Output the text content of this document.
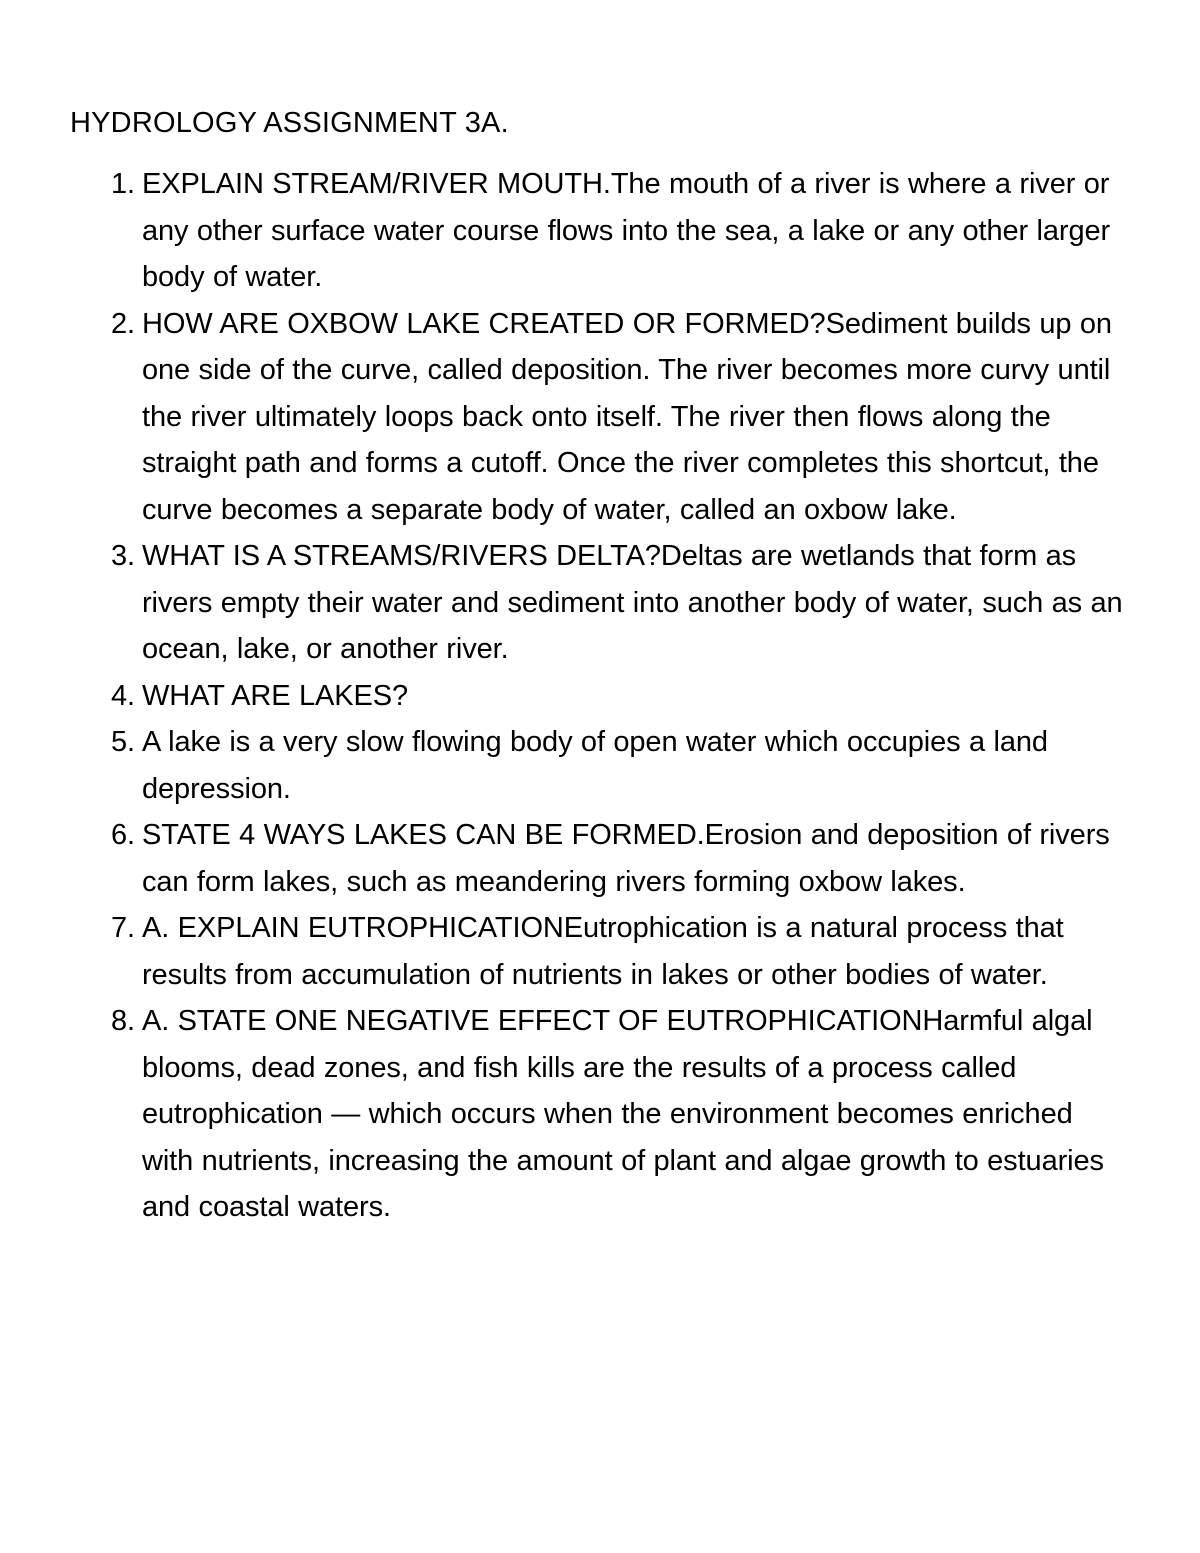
HYDROLOGY ASSIGNMENT 3A.
1. EXPLAIN STREAM/RIVER MOUTH.The mouth of a river is where a river or any other surface water course flows into the sea, a lake or any other larger body of water.
2. HOW ARE OXBOW LAKE CREATED OR FORMED?Sediment builds up on one side of the curve, called deposition. The river becomes more curvy until the river ultimately loops back onto itself. The river then flows along the straight path and forms a cutoff. Once the river completes this shortcut, the curve becomes a separate body of water, called an oxbow lake.
3. WHAT IS A STREAMS/RIVERS DELTA?Deltas are wetlands that form as rivers empty their water and sediment into another body of water, such as an ocean, lake, or another river.
4. WHAT ARE LAKES?
5. A lake is a very slow flowing body of open water which occupies a land depression.
6. STATE 4 WAYS LAKES CAN BE FORMED.Erosion and deposition of rivers can form lakes, such as meandering rivers forming oxbow lakes.
7. A. EXPLAIN EUTROPHICATIONEutrophication is a natural process that results from accumulation of nutrients in lakes or other bodies of water.
8. A. STATE ONE NEGATIVE EFFECT OF EUTROPHICATIONHarmful algal blooms, dead zones, and fish kills are the results of a process called eutrophication — which occurs when the environment becomes enriched with nutrients, increasing the amount of plant and algae growth to estuaries and coastal waters.
